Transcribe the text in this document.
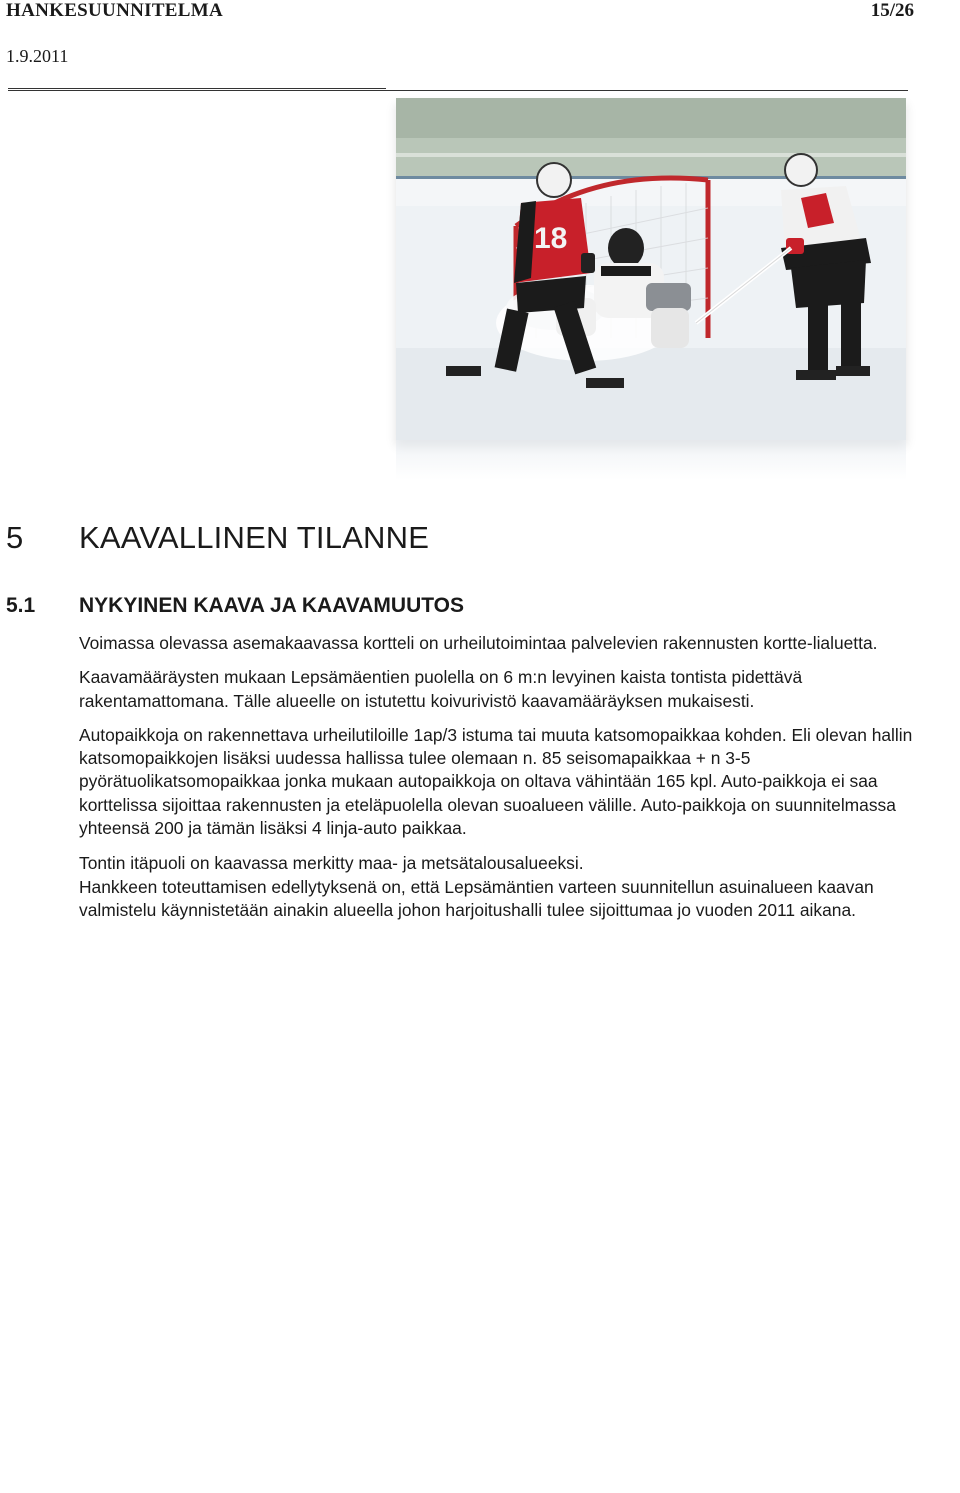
HANKESUUNNITELMA	15/26
1.9.2011
18
5 KAAVALLINEN TILANNE
5.1 NYKYINEN KAAVA JA KAAVAMUUTOS

Voimassa olevassa asemakaavassa kortteli on urheilutoimintaa palvelevien rakennusten kortte-lialuetta.

Kaavamääräysten mukaan Lepsämäentien puolella on 6 m:n levyinen kaista tontista pidettävä rakentamattomana. Tälle alueelle on istutettu koivurivistö kaavamääräyksen mukaisesti.

Autopaikkoja on rakennettava urheilutiloille 1ap/3 istuma tai muuta katsomopaikkaa kohden. Eli olevan hallin katsomopaikkojen lisäksi uudessa hallissa tulee olemaan n. 85 seisomapaikkaa + n 3-5 pyörätuolikatsomopaikkaa jonka mukaan autopaikkoja on oltava vähintään 165 kpl. Auto-paikkoja ei saa korttelissa sijoittaa rakennusten ja eteläpuolella olevan suoalueen välille. Auto-paikkoja on suunnitelmassa yhteensä 200 ja tämän lisäksi 4 linja-auto paikkaa.

Tontin itäpuoli on kaavassa merkitty maa- ja metsätalousalueeksi.

Hankkeen toteuttamisen edellytyksenä on, että Lepsämäntien varteen suunnitellun asuinalueen kaavan valmistelu käynnistetään ainakin alueella johon harjoitushalli tulee sijoittumaa jo vuoden 2011 aikana.
